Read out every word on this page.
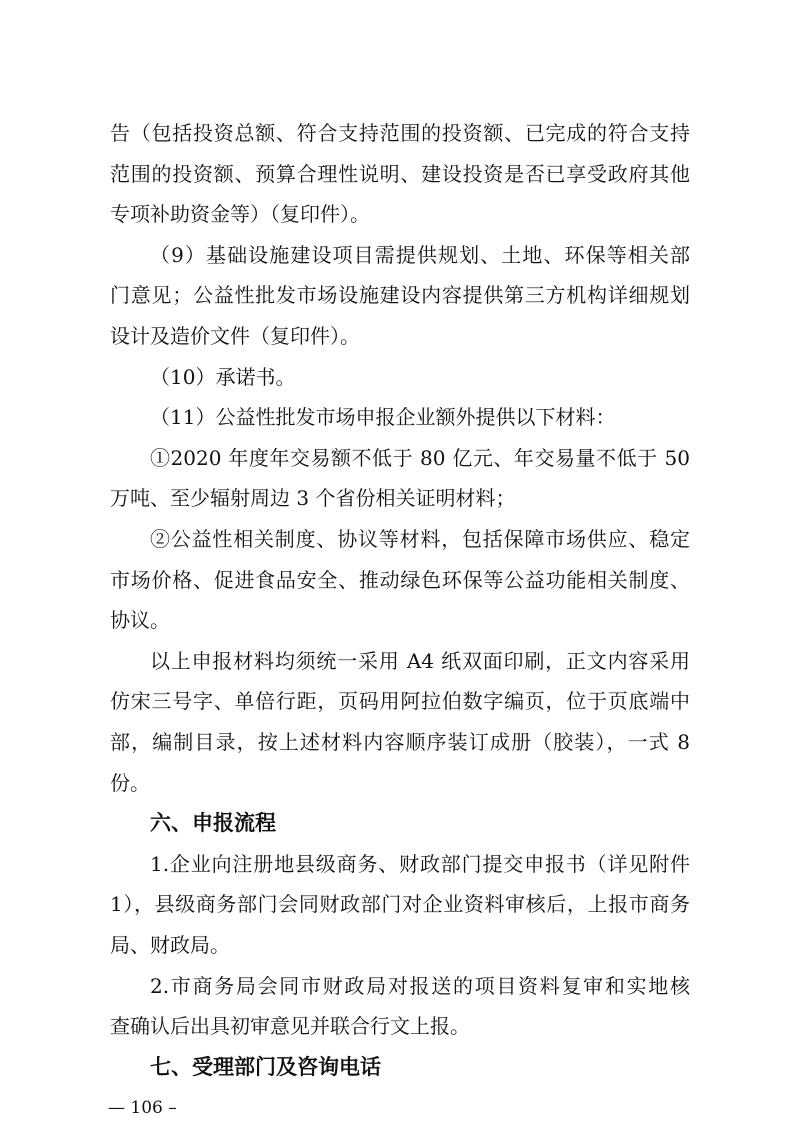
告（包括投资总额、符合支持范围的投资额、已完成的符合支持
范围的投资额、预算合理性说明、建设投资是否已享受政府其他
专项补助资金等）（复印件）。
（9）基础设施建设项目需提供规划、土地、环保等相关部
门意见；公益性批发市场设施建设内容提供第三方机构详细规划
设计及造价文件（复印件）。
（10）承诺书。
（11）公益性批发市场申报企业额外提供以下材料：
①2020 年度年交易额不低于 80 亿元、年交易量不低于 50
万吨、至少辐射周边 3 个省份相关证明材料；
②公益性相关制度、协议等材料，包括保障市场供应、稳定
市场价格、促进食品安全、推动绿色环保等公益功能相关制度、
协议。
以上申报材料均须统一采用 A4 纸双面印刷，正文内容采用
仿宋三号字、单倍行距，页码用阿拉伯数字编页，位于页底端中
部，编制目录，按上述材料内容顺序装订成册（胶装），一式 8
份。
六、申报流程
1.企业向注册地县级商务、财政部门提交申报书（详见附件
1），县级商务部门会同财政部门对企业资料审核后，上报市商务
局、财政局。
2.市商务局会同市财政局对报送的项目资料复审和实地核
查确认后出具初审意见并联合行文上报。
— 106 –
七、受理部门及咨询电话
